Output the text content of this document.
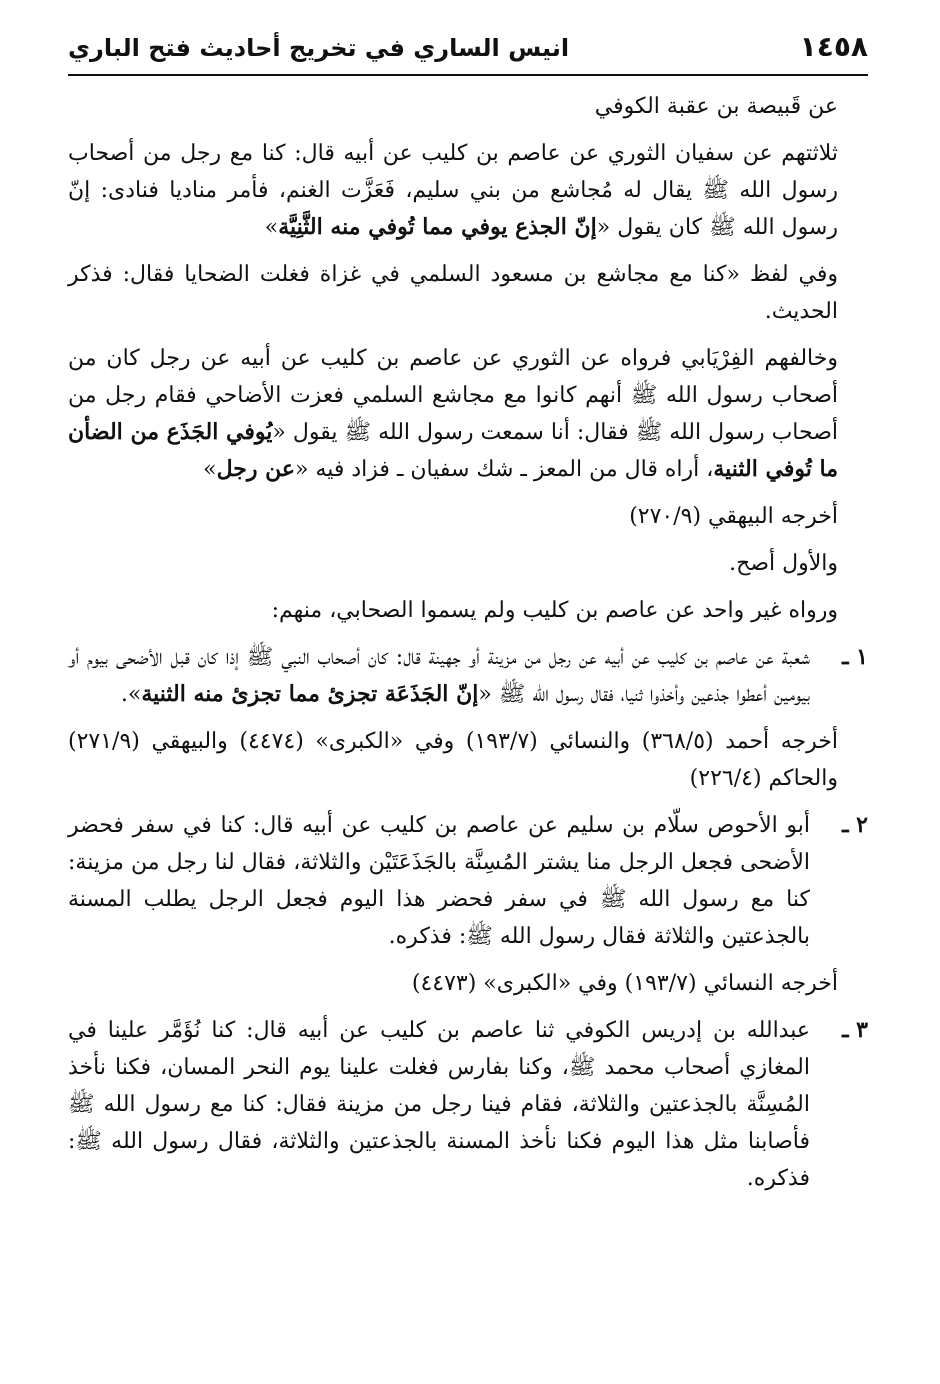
١٤٥٨
انيس الساري في تخريج أحاديث فتح الباري

عن قَبيصة بن عقبة الكوفي

ثلاثتهم عن سفيان الثوري عن عاصم بن كليب عن أبيه قال: كنا مع رجل من أصحاب رسول الله ﷺ يقال له مُجاشع من بني سليم، فَعَزَّت الغنم، فأمر مناديا فنادى: إنّ رسول الله ﷺ كان يقول «إنّ الجذع يوفي مما تُوفي منه الثَّنِيَّة»

وفي لفظ «كنا مع مجاشع بن مسعود السلمي في غزاة فغلت الضحايا فقال: فذكر الحديث.

وخالفهم الفِرْيَابي فرواه عن الثوري عن عاصم بن كليب عن أبيه عن رجل كان من أصحاب رسول الله ﷺ أنهم كانوا مع مجاشع السلمي فعزت الأضاحي فقام رجل من أصحاب رسول الله ﷺ فقال: أنا سمعت رسول الله ﷺ يقول «يُوفي الجَذَع من الضأن ما تُوفي الثنية، أراه قال من المعز ـ شك سفيان ـ فزاد فيه «عن رجل»

أخرجه البيهقي (٢٧٠/٩)

والأول أصح.

ورواه غير واحد عن عاصم بن كليب ولم يسموا الصحابي، منهم:

١ ـ

شعبة عن عاصم بن كليب عن أبيه عن رجل من مزينة أو جهينة قال: كان أصحاب النبي ﷺ إذا كان قبل الأضحى بيوم أو بيومين أعطوا جذعين وأخذوا ثنيا، فقال رسول الله ﷺ «إنّ الجَذَعَة تجزئ مما تجزئ منه الثنية».

أخرجه أحمد (٣٦٨/٥) والنسائي (١٩٣/٧) وفي «الكبرى» (٤٤٧٤) والبيهقي (٢٧١/٩) والحاكم (٢٢٦/٤)

٢ ـ

أبو الأحوص سلّام بن سليم عن عاصم بن كليب عن أبيه قال: كنا في سفر فحضر الأضحى فجعل الرجل منا يشتر المُسِنَّة بالجَذَعَتَيْن والثلاثة، فقال لنا رجل من مزينة: كنا مع رسول الله ﷺ في سفر فحضر هذا اليوم فجعل الرجل يطلب المسنة بالجذعتين والثلاثة فقال رسول الله ﷺ: فذكره.

أخرجه النسائي (١٩٣/٧) وفي «الكبرى» (٤٤٧٣)

٣ ـ

عبدالله بن إدريس الكوفي ثنا عاصم بن كليب عن أبيه قال: كنا نُؤَمَّر علينا في المغازي أصحاب محمد ﷺ، وكنا بفارس فغلت علينا يوم النحر المسان، فكنا نأخذ المُسِنَّة بالجذعتين والثلاثة، فقام فينا رجل من مزينة فقال: كنا مع رسول الله ﷺ فأصابنا مثل هذا اليوم فكنا نأخذ المسنة بالجذعتين والثلاثة، فقال رسول الله ﷺ: فذكره.
